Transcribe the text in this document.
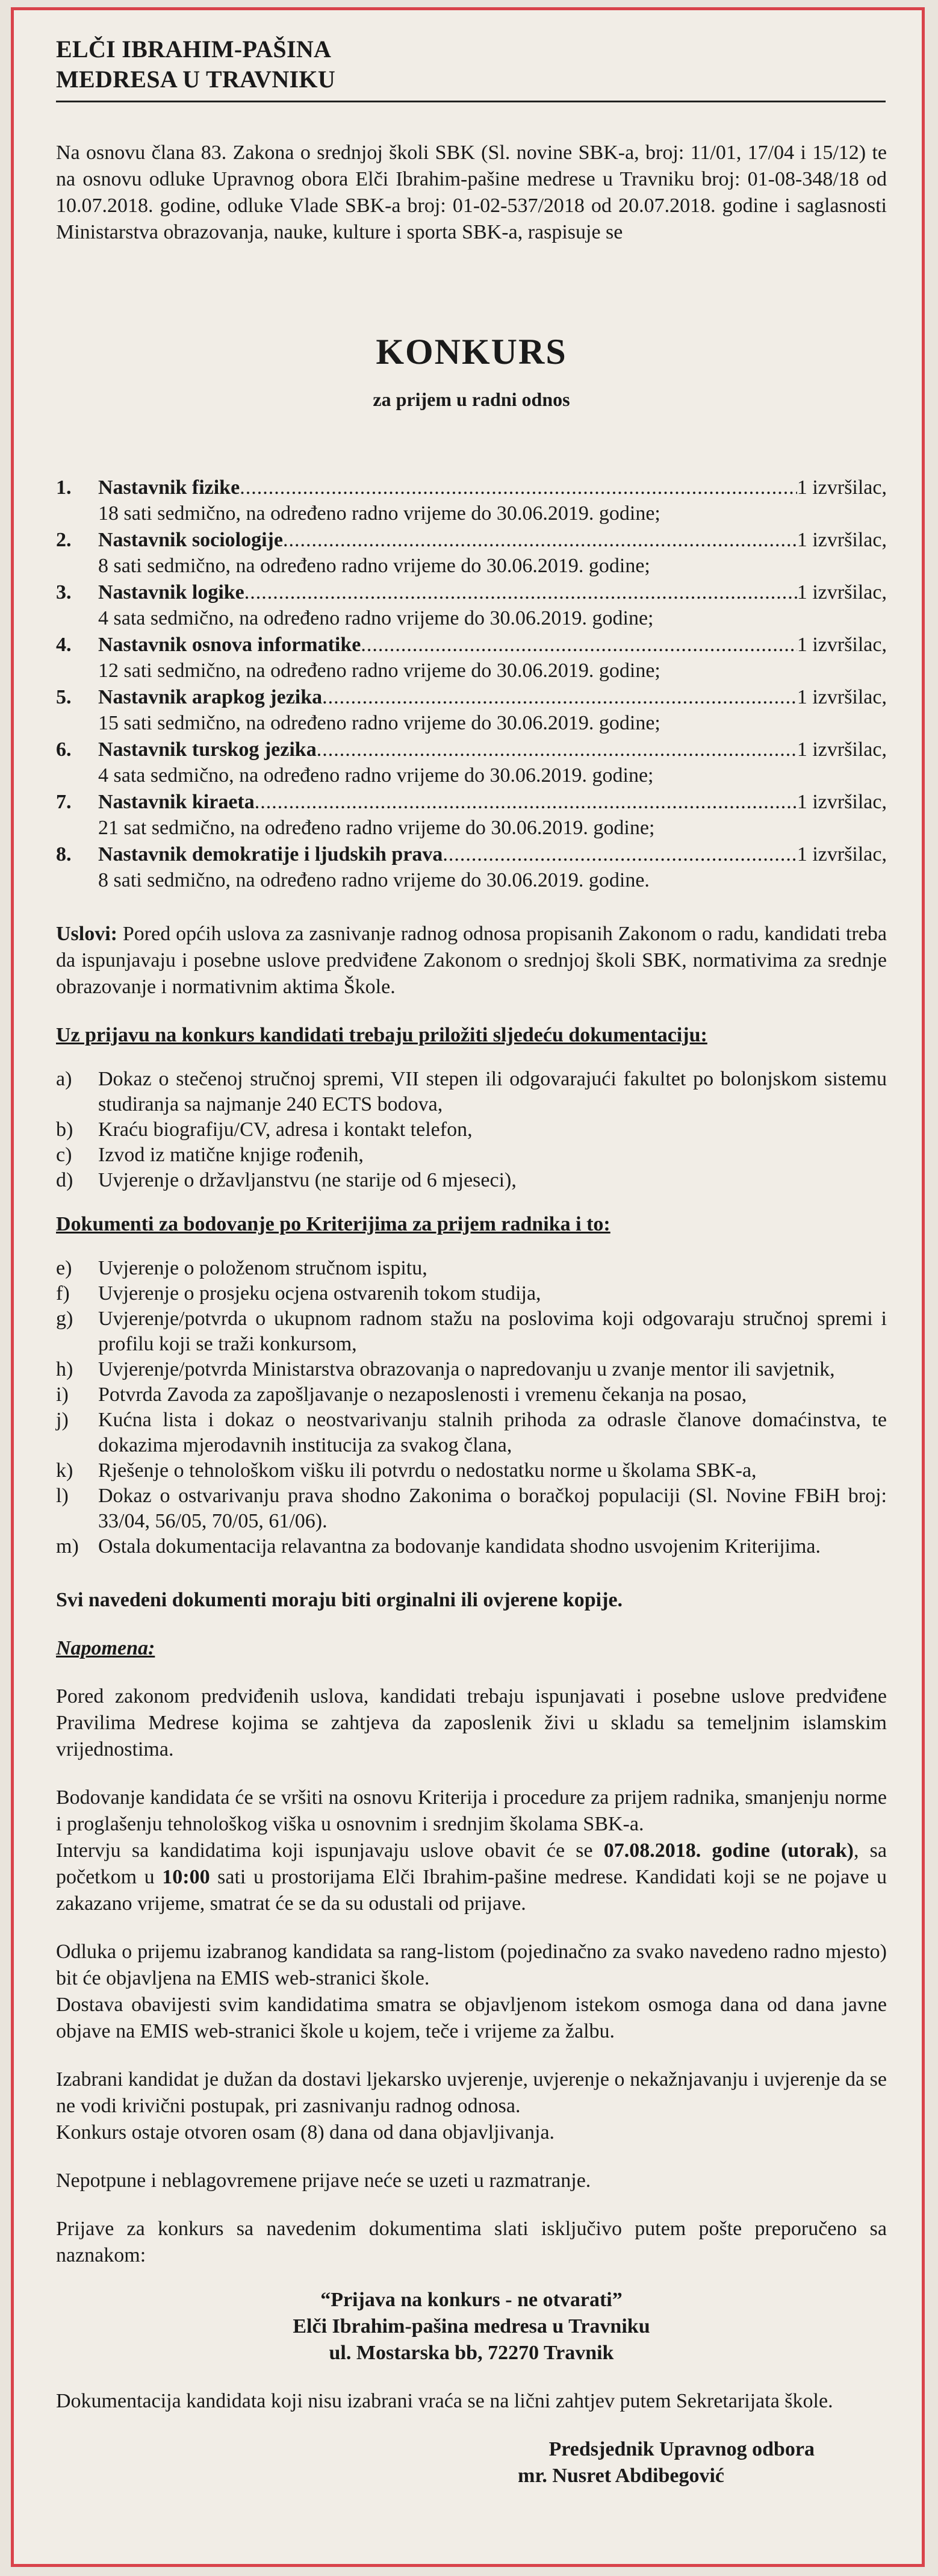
ELČI IBRAHIM-PAŠINA
MEDRESA U TRAVNIKU

Na osnovu člana 83. Zakona o srednjoj školi SBK (Sl. novine SBK-a, broj: 11/01, 17/04 i 15/12) te na osnovu odluke Upravnog obora Elči Ibrahim-pašine medrese u Travniku broj: 01-08-348/18 od 10.07.2018. godine, odluke Vlade SBK-a broj: 01-02-537/2018 od 20.07.2018. godine i saglasnosti Ministarstva obrazovanja, nauke, kulture i sporta SBK-a, raspisuje se

KONKURS
za prijem u radni odnos
1. Nastavnik fizike .....	1 izvršilac,
18 sati sedmično, na određeno radno vrijeme do 30.06.2019. godine;
2. Nastavnik sociologije .....	1 izvršilac,
8 sati sedmično, na određeno radno vrijeme do 30.06.2019. godine;
3. Nastavnik logike .....	1 izvršilac,
4 sata sedmično, na određeno radno vrijeme do 30.06.2019. godine;
4. Nastavnik osnova informatike .....	1 izvršilac,
12 sati sedmično, na određeno radno vrijeme do 30.06.2019. godine;
5. Nastavnik arapkog jezika .....	1 izvršilac,
15 sati sedmično, na određeno radno vrijeme do 30.06.2019. godine;
6. Nastavnik turskog jezika .....	1 izvršilac,
4 sata sedmično, na određeno radno vrijeme do 30.06.2019. godine;
7. Nastavnik kiraeta .....	1 izvršilac,
21 sat sedmično, na određeno radno vrijeme do 30.06.2019. godine;
8. Nastavnik demokratije i ljudskih prava .....	1 izvršilac,
8 sati sedmično, na određeno radno vrijeme do 30.06.2019. godine.

Uslovi: Pored općih uslova za zasnivanje radnog odnosa propisanih Zakonom o radu, kandidati treba da ispunjavaju i posebne uslove predviđene Zakonom o srednjoj školi SBK, normativima za srednje obrazovanje i normativnim aktima Škole.

Uz prijavu na konkurs kandidati trebaju priložiti sljedeću dokumentaciju:
a) Dokaz o stečenoj stručnoj spremi, VII stepen ili odgovarajući fakultet po bolonjskom sistemu studiranja sa najmanje 240 ECTS bodova,
b) Kraću biografiju/CV, adresa i kontakt telefon,
c) Izvod iz matične knjige rođenih,
d) Uvjerenje o državljanstvu (ne starije od 6 mjeseci),
Dokumenti za bodovanje po Kriterijima za prijem radnika i to:
e) Uvjerenje o položenom stručnom ispitu,
f) Uvjerenje o prosjeku ocjena ostvarenih tokom studija,
g) Uvjerenje/potvrda o ukupnom radnom stažu na poslovima koji odgovaraju stručnoj spremi i profilu koji se traži konkursom,
h) Uvjerenje/potvrda Ministarstva obrazovanja o napredovanju u zvanje mentor ili savjetnik,
i) Potvrda Zavoda za zapošljavanje o nezaposlenosti i vremenu čekanja na posao,
j) Kućna lista i dokaz o neostvarivanju stalnih prihoda za odrasle članove domaćinstva, te dokazima mjerodavnih institucija za svakog člana,
k) Rješenje o tehnološkom višku ili potvrdu o nedostatku norme u školama SBK-a,
l) Dokaz o ostvarivanju prava shodno Zakonima o boračkoj populaciji (Sl. Novine FBiH broj: 33/04, 56/05, 70/05, 61/06).
m) Ostala dokumentacija relavantna za bodovanje kandidata shodno usvojenim Kriterijima.
Svi navedeni dokumenti moraju biti orginalni ili ovjerene kopije.
Napomena:

Pored zakonom predviđenih uslova, kandidati trebaju ispunjavati i posebne uslove predviđene Pravilima Medrese kojima se zahtjeva da zaposlenik živi u skladu sa temeljnim islamskim vrijednostima.

Bodovanje kandidata će se vršiti na osnovu Kriterija i procedure za prijem radnika, smanjenju norme i proglašenju tehnološkog viška u osnovnim i srednjim školama SBK-a.

Intervju sa kandidatima koji ispunjavaju uslove obavit će se 07.08.2018. godine (utorak), sa početkom u 10:00 sati u prostorijama Elči Ibrahim-pašine medrese. Kandidati koji se ne pojave u zakazano vrijeme, smatrat će se da su odustali od prijave.

Odluka o prijemu izabranog kandidata sa rang-listom (pojedinačno za svako navedeno radno mjesto) bit će objavljena na EMIS web-stranici škole.

Dostava obavijesti svim kandidatima smatra se objavljenom istekom osmoga dana od dana javne objave na EMIS web-stranici škole u kojem, teče i vrijeme za žalbu.

Izabrani kandidat je dužan da dostavi ljekarsko uvjerenje, uvjerenje o nekažnjavanju i uvjerenje da se ne vodi krivični postupak, pri zasnivanju radnog odnosa.

Konkurs ostaje otvoren osam (8) dana od dana objavljivanja.

Nepotpune i neblagovremene prijave neće se uzeti u razmatranje.

Prijave za konkurs sa navedenim dokumentima slati isključivo putem pošte preporučeno sa naznakom:

“Prijava na konkurs - ne otvarati”
Elči Ibrahim-pašina medresa u Travniku
ul. Mostarska bb, 72270 Travnik

Dokumentacija kandidata koji nisu izabrani vraća se na lični zahtjev putem Sekretarijata škole.

Predsjednik Upravnog odbora
mr. Nusret Abdibegović
